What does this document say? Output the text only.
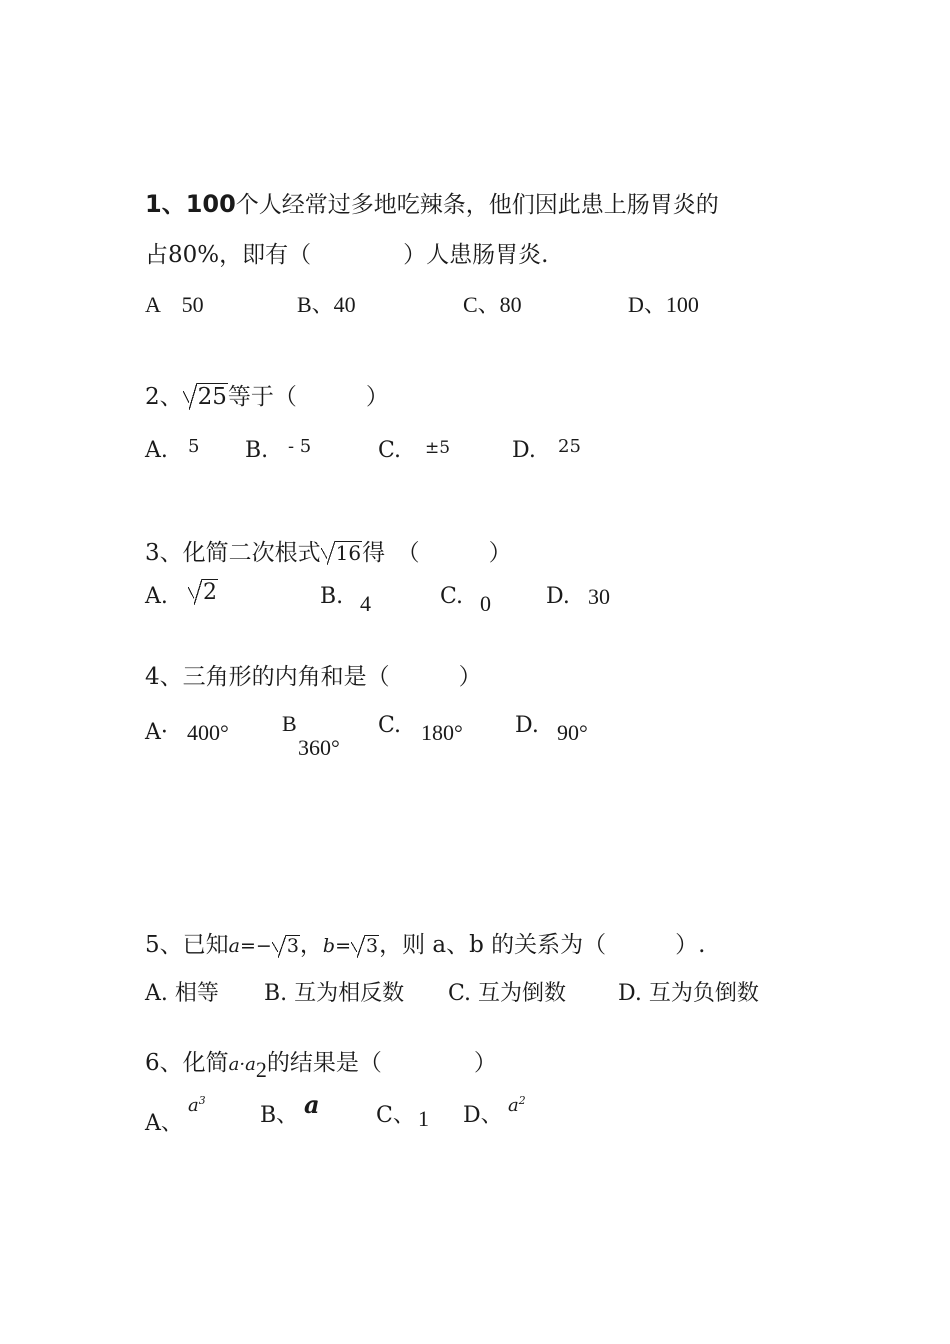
1、100个人经常过多地吃辣条，他们因此患上肠胃炎的
占80%，即有（　　　　）人患肠胃炎.
A　50	B、40	C、80	D、100
2、 25等于（　　　）
A. 5 B. - 5	C. ±5	D. 25
3、化简二次根式 16得　（　　　）
A.	2	B. 4	C. 0	D. 30
4、三角形的内角和是（　　　）
A· 400° B
360°
C. 180° D. 90°
5、已知a=− 3，b= 3，则 a、b 的关系为（　　　）.
A. 相等 B. 互为相反数 C. 互为倒数 D. 互为负倒数
6、化简a·a2的结果是（　　　　）
A、
$a^3$
B、 a	C、 1 D、 $a^2$
